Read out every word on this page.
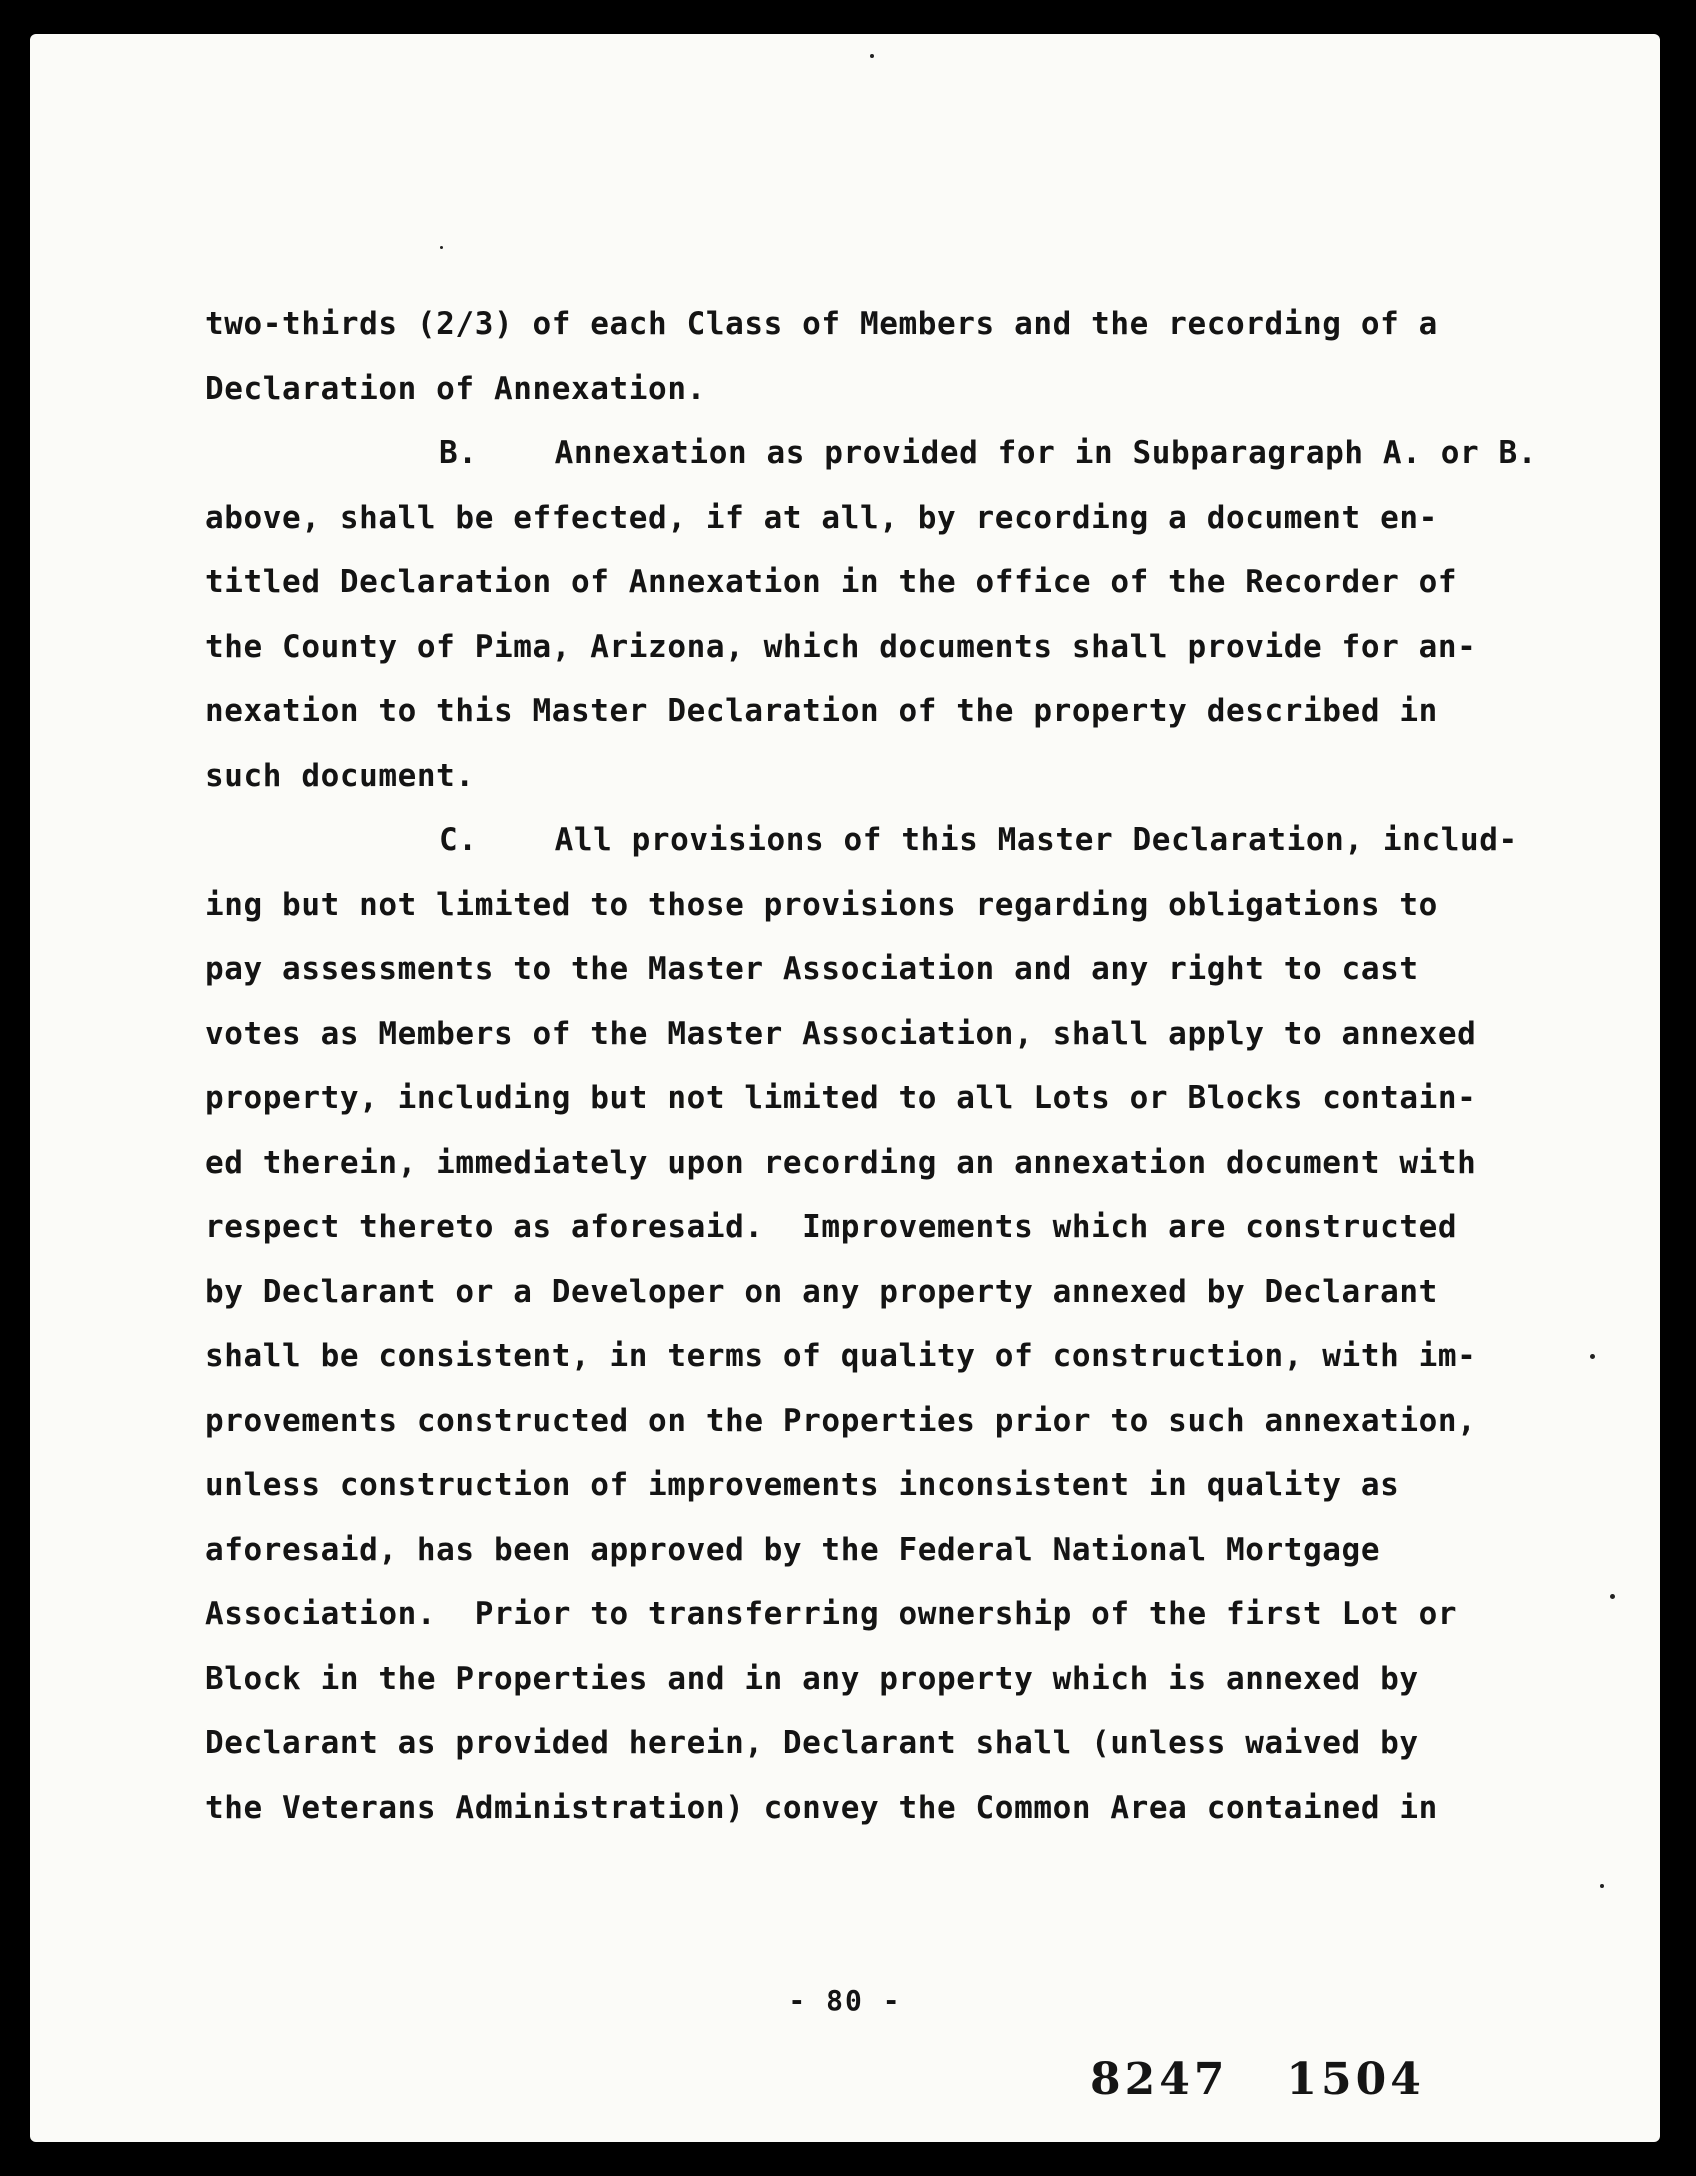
two-thirds (2/3) of each Class of Members and the recording of a
Declaration of Annexation.
B.    Annexation as provided for in Subparagraph A. or B.
above, shall be effected, if at all, by recording a document en-
titled Declaration of Annexation in the office of the Recorder of
the County of Pima, Arizona, which documents shall provide for an-
nexation to this Master Declaration of the property described in
such document.
C.    All provisions of this Master Declaration, includ-
ing but not limited to those provisions regarding obligations to
pay assessments to the Master Association and any right to cast
votes as Members of the Master Association, shall apply to annexed
property, including but not limited to all Lots or Blocks contain-
ed therein, immediately upon recording an annexation document with
respect thereto as aforesaid.  Improvements which are constructed
by Declarant or a Developer on any property annexed by Declarant
shall be consistent, in terms of quality of construction, with im-
provements constructed on the Properties prior to such annexation,
unless construction of improvements inconsistent in quality as
aforesaid, has been approved by the Federal National Mortgage
Association.  Prior to transferring ownership of the first Lot or
Block in the Properties and in any property which is annexed by
Declarant as provided herein, Declarant shall (unless waived by
the Veterans Administration) convey the Common Area contained in
- 80 -
8247   1504
